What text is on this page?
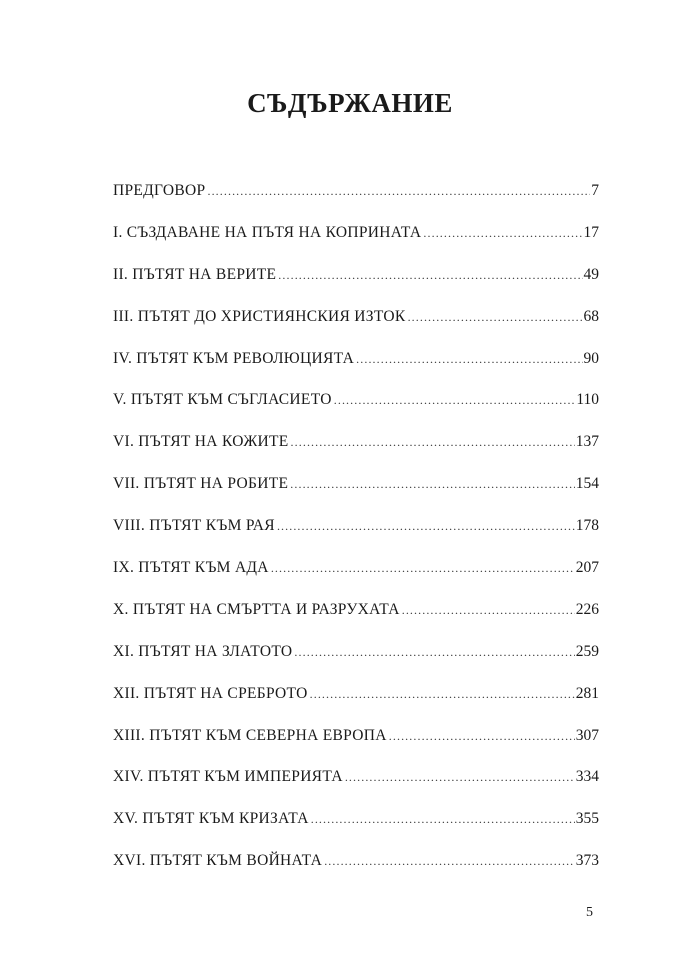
СЪДЪРЖАНИЕ
ПРЕДГОВОР .....	7
I. СЪЗДАВАНЕ НА ПЪТЯ НА КОПРИНАТА .....	17
II. ПЪТЯТ НА ВЕРИТЕ .....	49
III. ПЪТЯТ ДО ХРИСТИЯНСКИЯ ИЗТОК .....	68
IV. ПЪТЯТ КЪМ РЕВОЛЮЦИЯТА .....	90
V. ПЪТЯТ КЪМ СЪГЛАСИЕТО .....	110
VI. ПЪТЯТ НА КОЖИТЕ .....	137
VII. ПЪТЯТ НА РОБИТЕ .....	154
VIII. ПЪТЯТ КЪМ РАЯ .....	178
IX. ПЪТЯТ КЪМ АДА .....	207
X. ПЪТЯТ НА СМЪРТТА И РАЗРУХАТА .....	226
XI. ПЪТЯТ НА ЗЛАТОТО .....	259
XII. ПЪТЯТ НА СРЕБРОТО .....	281
XIII. ПЪТЯТ КЪМ СЕВЕРНА ЕВРОПА .....	307
XIV. ПЪТЯТ КЪМ ИМПЕРИЯТА .....	334
XV. ПЪТЯТ КЪМ КРИЗАТА .....	355
XVI. ПЪТЯТ КЪМ ВОЙНАТА .....	373
5
